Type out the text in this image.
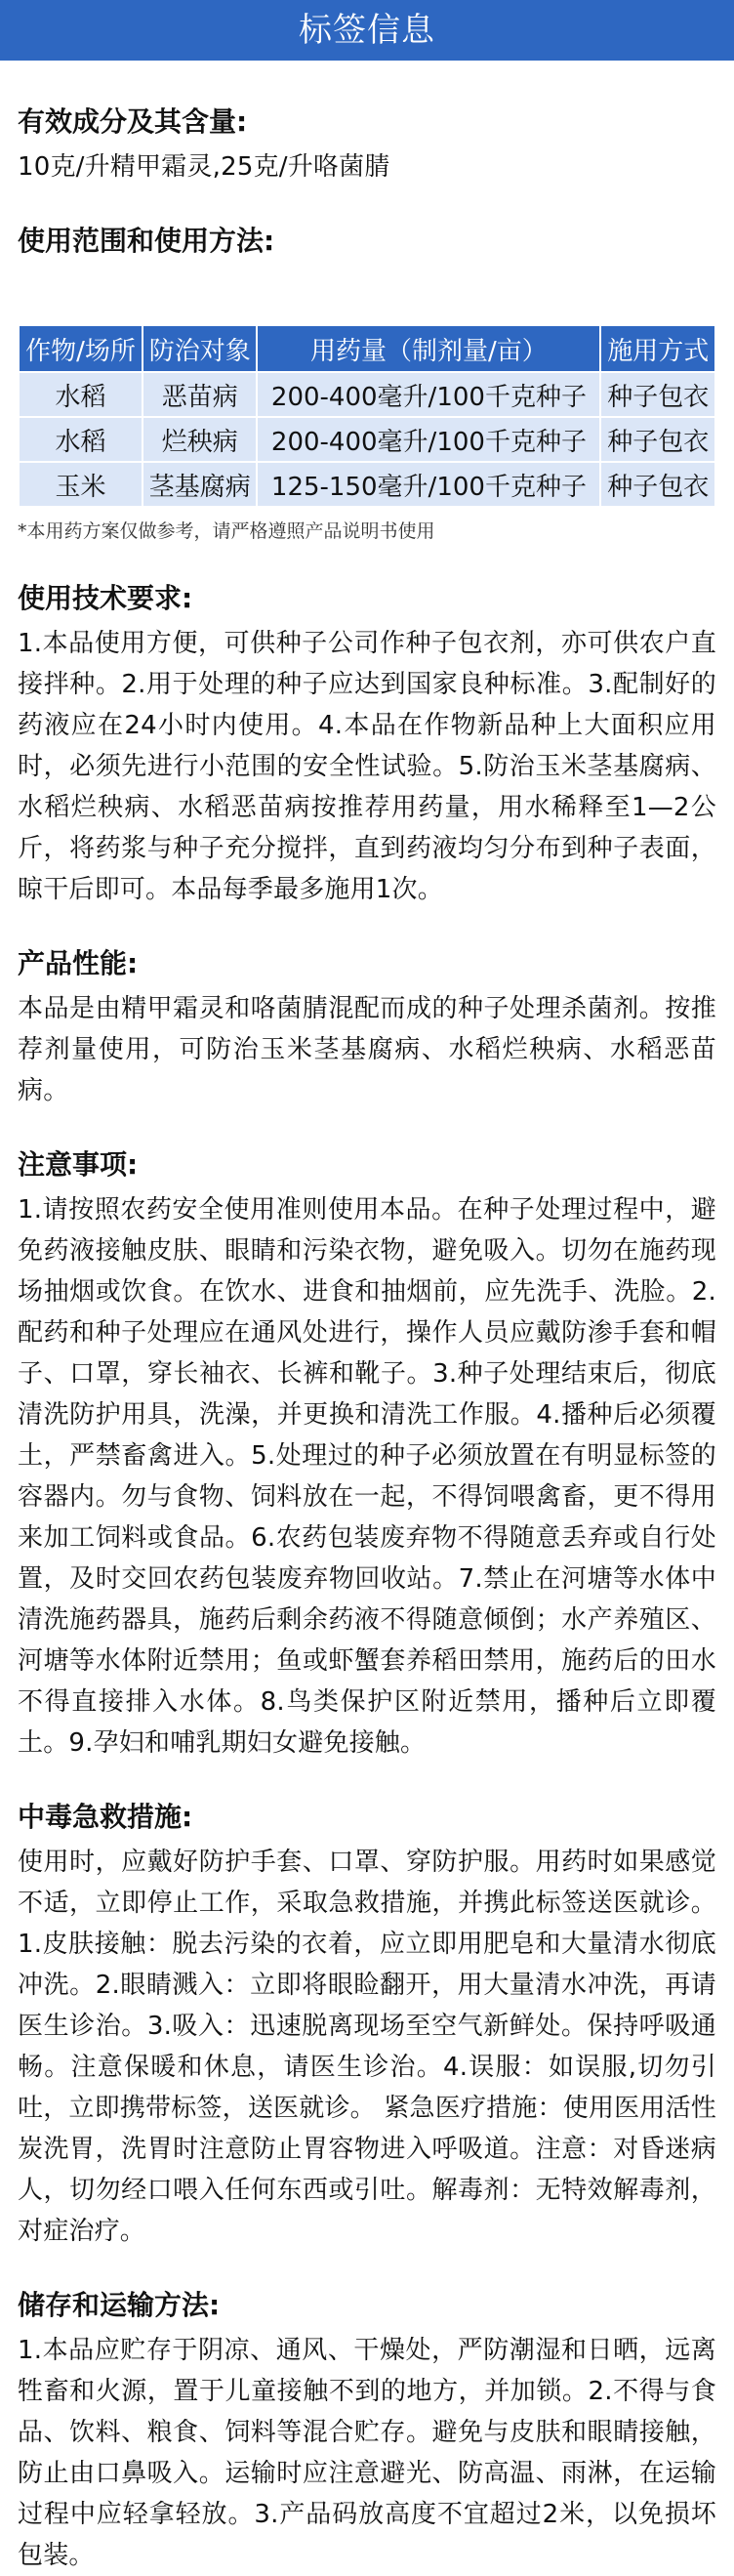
标签信息
有效成分及其含量:

10克/升精甲霜灵,25克/升咯菌腈

使用范围和使用方法:
作物/场所	防治对象	用药量（制剂量/亩）	施用方式
水稻	恶苗病	200-400毫升/100千克种子	种子包衣
水稻	烂秧病	200-400毫升/100千克种子	种子包衣
玉米	茎基腐病	125-150毫升/100千克种子	种子包衣

*本用药方案仅做参考，请严格遵照产品说明书使用

使用技术要求:

1.本品使用方便，可供种子公司作种子包衣剂，亦可供农户直接拌种。2.用于处理的种子应达到国家良种标准。3.配制好的药液应在24小时内使用。4.本品在作物新品种上大面积应用时，必须先进行小范围的安全性试验。5.防治玉米茎基腐病、水稻烂秧病、水稻恶苗病按推荐用药量，用水稀释至1—2公斤，将药浆与种子充分搅拌，直到药液均匀分布到种子表面，晾干后即可。本品每季最多施用1次。

产品性能:

本品是由精甲霜灵和咯菌腈混配而成的种子处理杀菌剂。按推荐剂量使用，可防治玉米茎基腐病、水稻烂秧病、水稻恶苗病。

注意事项:

1.请按照农药安全使用准则使用本品。在种子处理过程中，避免药液接触皮肤、眼睛和污染衣物，避免吸入。切勿在施药现场抽烟或饮食。在饮水、进食和抽烟前，应先洗手、洗脸。2.配药和种子处理应在通风处进行，操作人员应戴防渗手套和帽子、口罩，穿长袖衣、长裤和靴子。3.种子处理结束后，彻底清洗防护用具，洗澡，并更换和清洗工作服。4.播种后必须覆土，严禁畜禽进入。5.处理过的种子必须放置在有明显标签的容器内。勿与食物、饲料放在一起，不得饲喂禽畜，更不得用来加工饲料或食品。6.农药包装废弃物不得随意丢弃或自行处置，及时交回农药包装废弃物回收站。7.禁止在河塘等水体中清洗施药器具，施药后剩余药液不得随意倾倒；水产养殖区、河塘等水体附近禁用；鱼或虾蟹套养稻田禁用，施药后的田水不得直接排入水体。8.鸟类保护区附近禁用，播种后立即覆土。9.孕妇和哺乳期妇女避免接触。

中毒急救措施:

使用时，应戴好防护手套、口罩、穿防护服。用药时如果感觉不适，立即停止工作，采取急救措施，并携此标签送医就诊。1.皮肤接触：脱去污染的衣着，应立即用肥皂和大量清水彻底冲洗。2.眼睛溅入：立即将眼睑翻开，用大量清水冲洗，再请医生诊治。3.吸入：迅速脱离现场至空气新鲜处。保持呼吸通畅。注意保暖和休息，请医生诊治。4.误服：如误服,切勿引吐，立即携带标签，送医就诊。 紧急医疗措施：使用医用活性炭洗胃，洗胃时注意防止胃容物进入呼吸道。注意：对昏迷病人，切勿经口喂入任何东西或引吐。解毒剂：无特效解毒剂，对症治疗。

储存和运输方法:

1.本品应贮存于阴凉、通风、干燥处，严防潮湿和日晒，远离牲畜和火源，置于儿童接触不到的地方，并加锁。2.不得与食品、饮料、粮食、饲料等混合贮存。避免与皮肤和眼睛接触，防止由口鼻吸入。运输时应注意避光、防高温、雨淋，在运输过程中应轻拿轻放。3.产品码放高度不宜超过2米，以免损坏包装。
